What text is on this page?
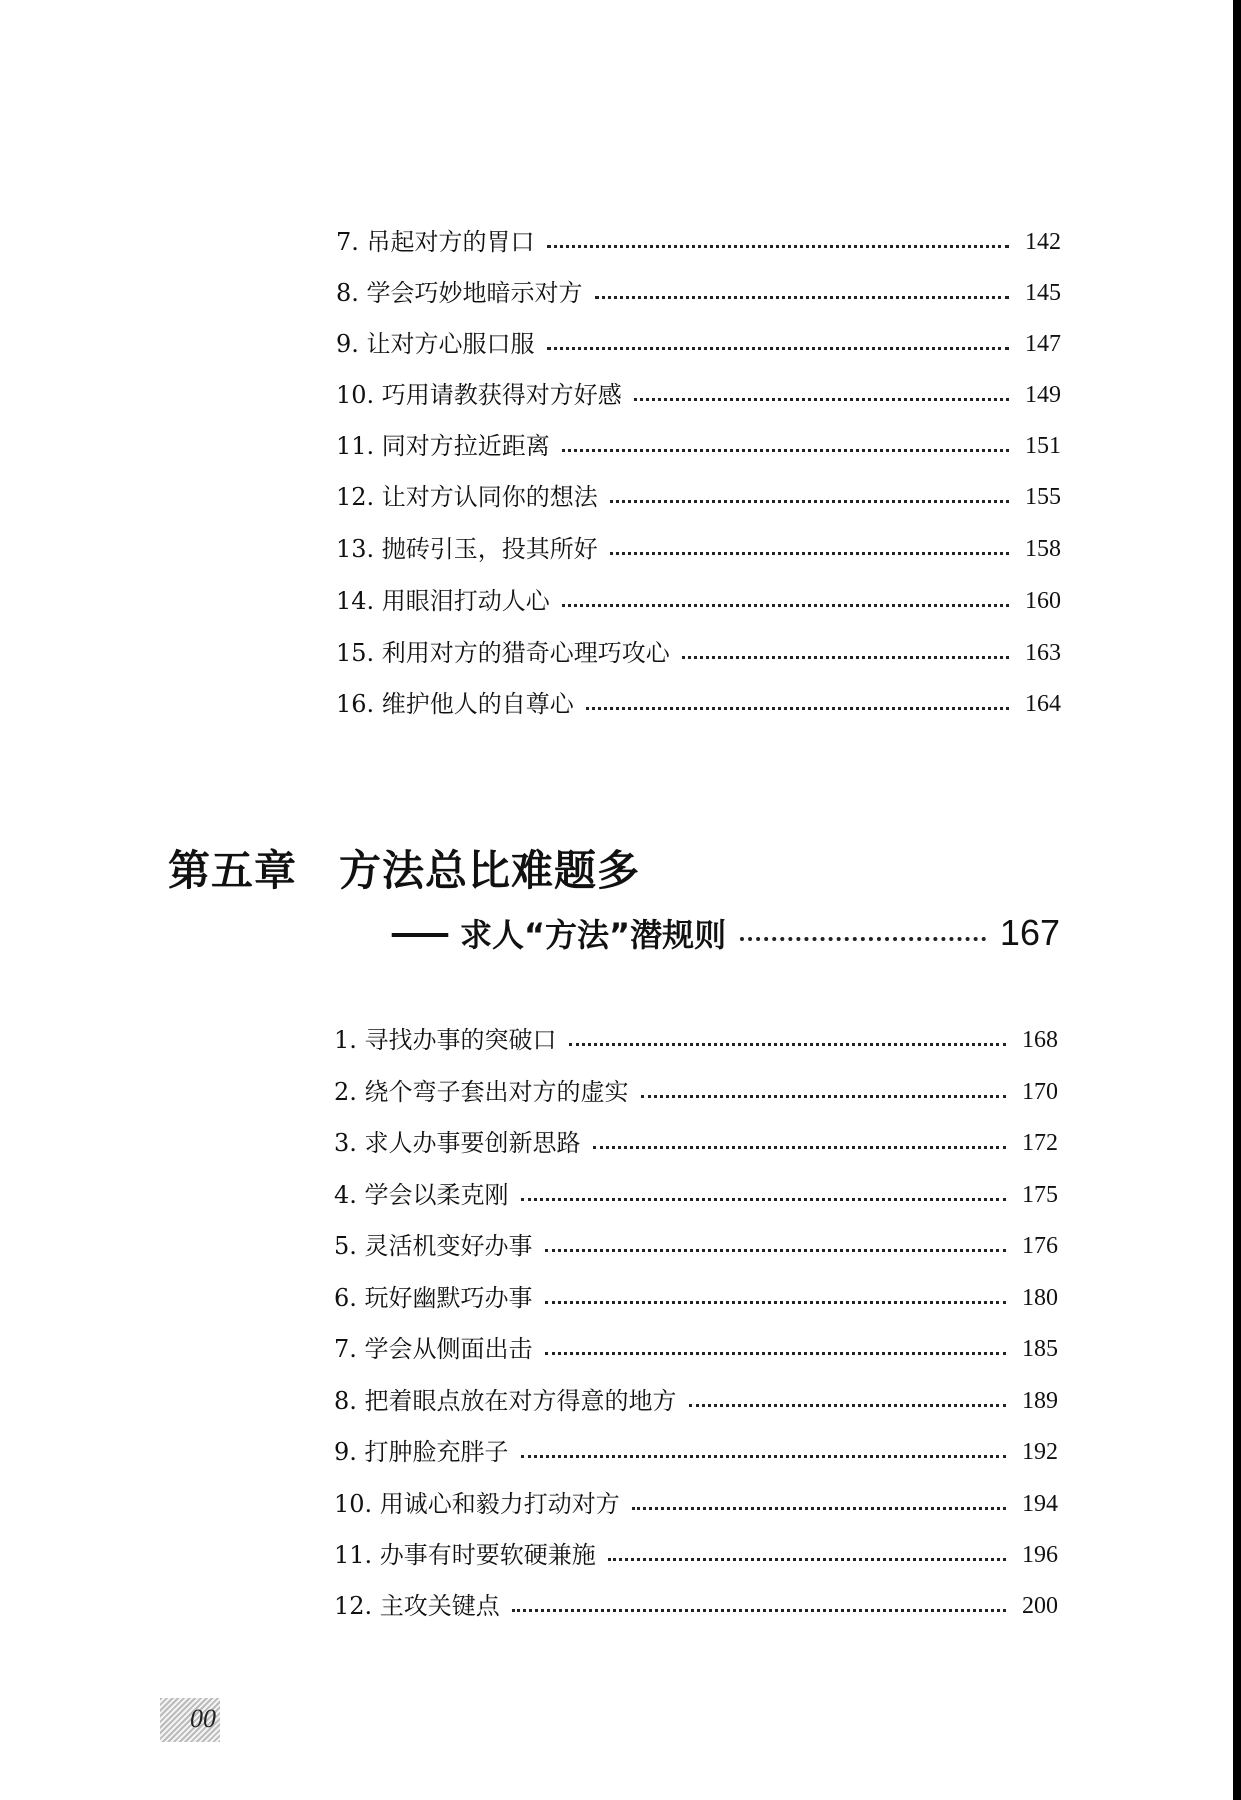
7. 吊起对方的胃口	142
8. 学会巧妙地暗示对方	145
9. 让对方心服口服	147
10. 巧用请教获得对方好感	149
11. 同对方拉近距离	151
12. 让对方认同你的想法	155
13. 抛砖引玉，投其所好	158
14. 用眼泪打动人心	160
15. 利用对方的猎奇心理巧攻心	163
16. 维护他人的自尊心	164
第五章 方法总比难题多
—— 求人“方法”潜规则	167
1. 寻找办事的突破口	168
2. 绕个弯子套出对方的虚实	170
3. 求人办事要创新思路	172
4. 学会以柔克刚	175
5. 灵活机变好办事	176
6. 玩好幽默巧办事	180
7. 学会从侧面出击	185
8. 把着眼点放在对方得意的地方	189
9. 打肿脸充胖子	192
10. 用诚心和毅力打动对方	194
11. 办事有时要软硬兼施	196
12. 主攻关键点	200
00
